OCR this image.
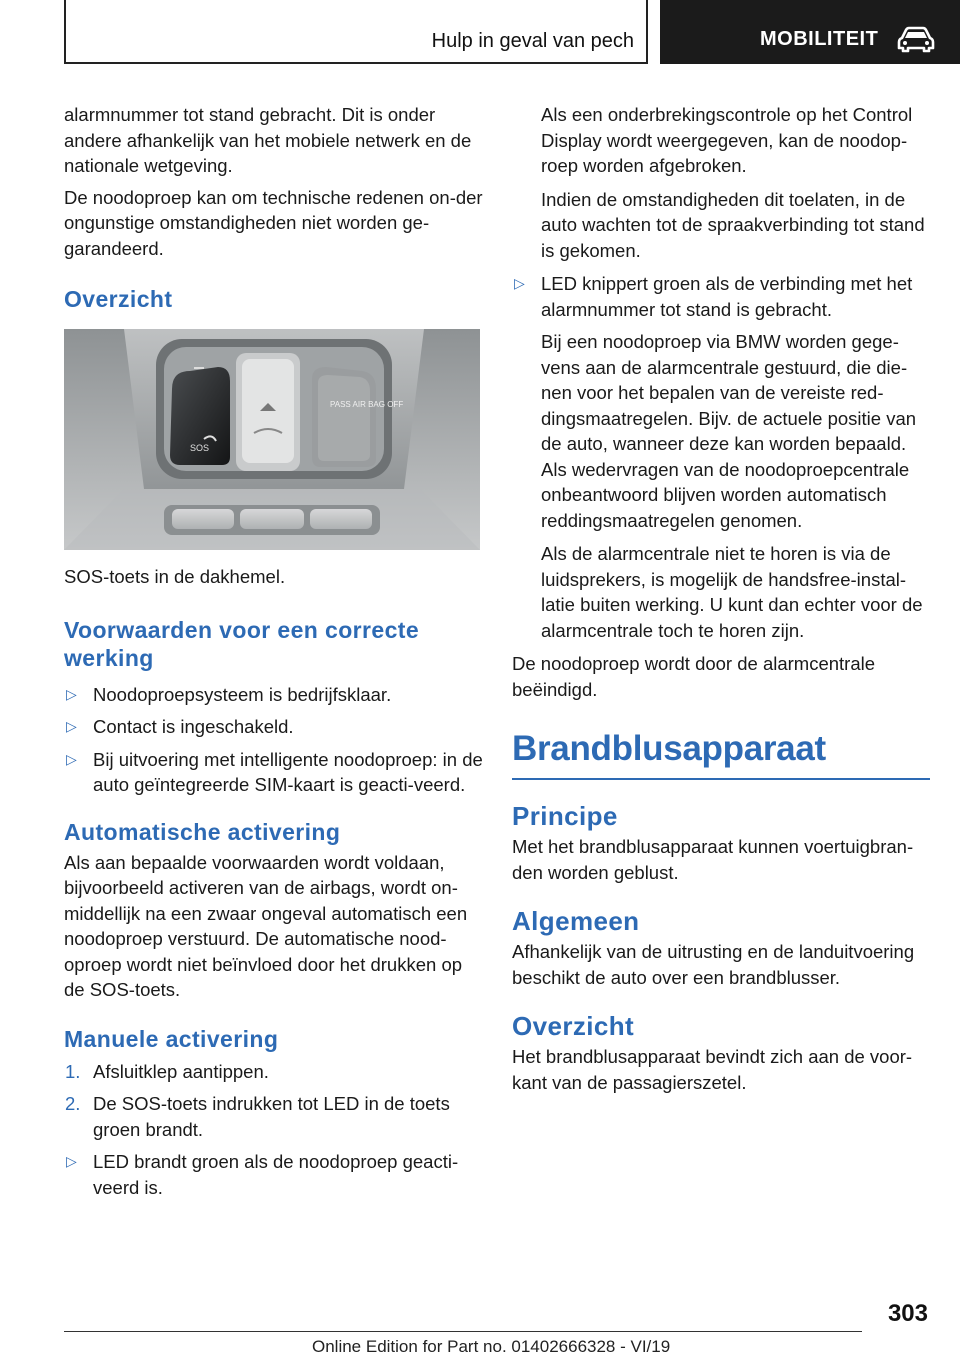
Hulp in geval van pech	MOBILITEIT

alarmnummer tot stand gebracht. Dit is onder andere afhankelijk van het mobiele netwerk en de nationale wetgeving.

De noodoproep kan om technische redenen on-der ongunstige omstandigheden niet worden ge-garandeerd.

Overzicht
SOS
PASS AIR BAG OFF

SOS-toets in de dakhemel.

Voorwaarden voor een correcte werking
▷ Noodoproepsysteem is bedrijfsklaar.
▷ Contact is ingeschakeld.
▷ Bij uitvoering met intelligente noodoproep: in de auto geïntegreerde SIM-kaart is geacti-veerd.
Automatische activering

Als aan bepaalde voorwaarden wordt voldaan, bijvoorbeeld activeren van de airbags, wordt on-middellijk na een zwaar ongeval automatisch een noodoproep verstuurd. De automatische nood-oproep wordt niet beïnvloed door het drukken op de SOS-toets.

Manuele activering
1. Afsluitklep aantippen.
2. De SOS-toets indrukken tot LED in de toets groen brandt.
▷ LED brandt groen als de noodoproep geacti-veerd is.

Als een onderbrekingscontrole op het Control Display wordt weergegeven, kan de noodop-roep worden afgebroken.

Indien de omstandigheden dit toelaten, in de auto wachten tot de spraakverbinding tot stand is gekomen.

▷ LED knippert groen als de verbinding met het alarmnummer tot stand is gebracht.

Bij een noodoproep via BMW worden gege-vens aan de alarmcentrale gestuurd, die die-nen voor het bepalen van de vereiste red-dingsmaatregelen. Bijv. de actuele positie van de auto, wanneer deze kan worden bepaald. Als wedervragen van de noodoproepcentrale onbeantwoord blijven worden automatisch reddingsmaatregelen genomen.

Als de alarmcentrale niet te horen is via de luidsprekers, is mogelijk de handsfree-instal-latie buiten werking. U kunt dan echter voor de alarmcentrale toch te horen zijn.

De noodoproep wordt door de alarmcentrale beëindigd.

Brandblusapparaat
Principe

Met het brandblusapparaat kunnen voertuigbran-den worden geblust.

Algemeen

Afhankelijk van de uitrusting en de landuitvoering beschikt de auto over een brandblusser.

Overzicht

Het brandblusapparaat bevindt zich aan de voor-kant van de passagierszetel.

303
Online Edition for Part no. 01402666328 - VI/19
